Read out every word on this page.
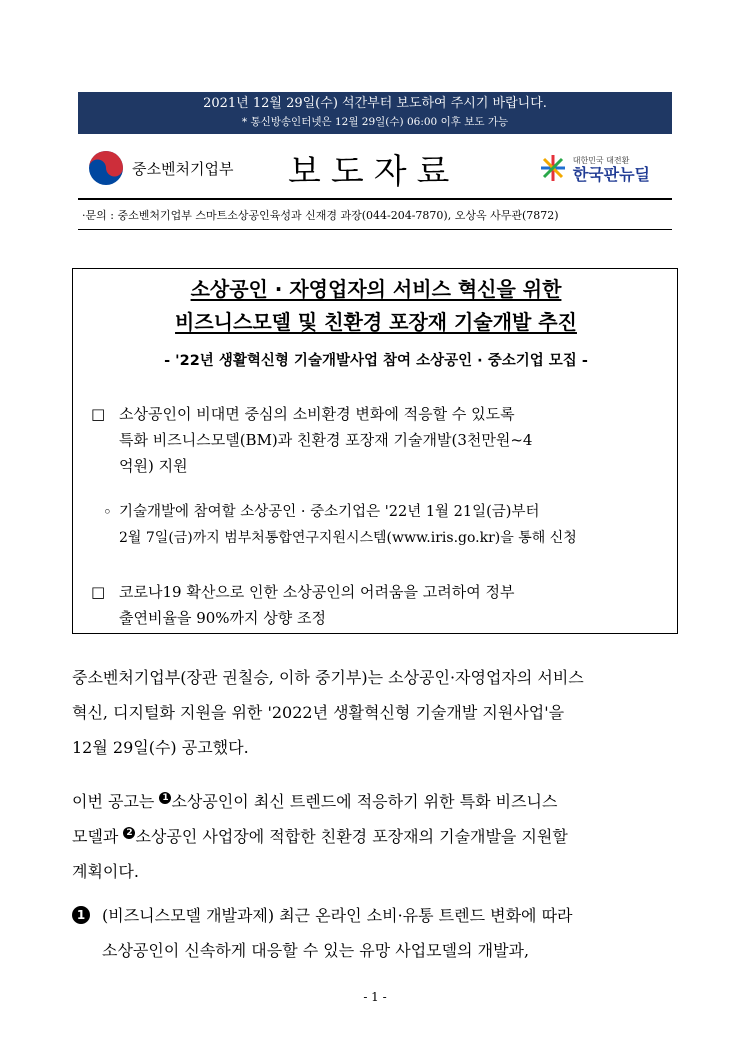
2021년 12월 29일(수) 석간부터 보도하여 주시기 바랍니다.
* 통신방송인터넷은 12월 29일(수) 06:00 이후 보도 가능
중소벤처기업부 보도자료	대한민국 대전환
한국판뉴딜
·문의 : 중소벤처기업부 스마트소상공인육성과 신재경 과장(044-204-7870), 오상옥 사무관(7872)
소상공인 · 자영업자의 서비스 혁신을 위한
비즈니스모델 및 친환경 포장재 기술개발 추진
- '22년 생활혁신형 기술개발사업 참여 소상공인 · 중소기업 모집 -
□ 소상공인이 비대면 중심의 소비환경 변화에 적응할 수 있도록
특화 비즈니스모델(BM)과 친환경 포장재 기술개발(3천만원~4
억원) 지원
◦ 기술개발에 참여할 소상공인 · 중소기업은 '22년 1월 21일(금)부터
2월 7일(금)까지 범부처통합연구지원시스템(www.iris.go.kr)을 통해 신청
□ 코로나19 확산으로 인한 소상공인의 어려움을 고려하여 정부
출연비율을 90%까지 상향 조정
중소벤처기업부(장관 권칠승, 이하 중기부)는 소상공인·자영업자의 서비스
혁신, 디지털화 지원을 위한 '2022년 생활혁신형 기술개발 지원사업'을
12월 29일(수) 공고했다.
이번 공고는 1 소상공인이 최신 트렌드에 적응하기 위한 특화 비즈니스
모델과 2 소상공인 사업장에 적합한 친환경 포장재의 기술개발을 지원할
계획이다.
1	(비즈니스모델 개발과제) 최근 온라인 소비·유통 트렌드 변화에 따라
소상공인이 신속하게 대응할 수 있는 유망 사업모델의 개발과,
- 1 -
